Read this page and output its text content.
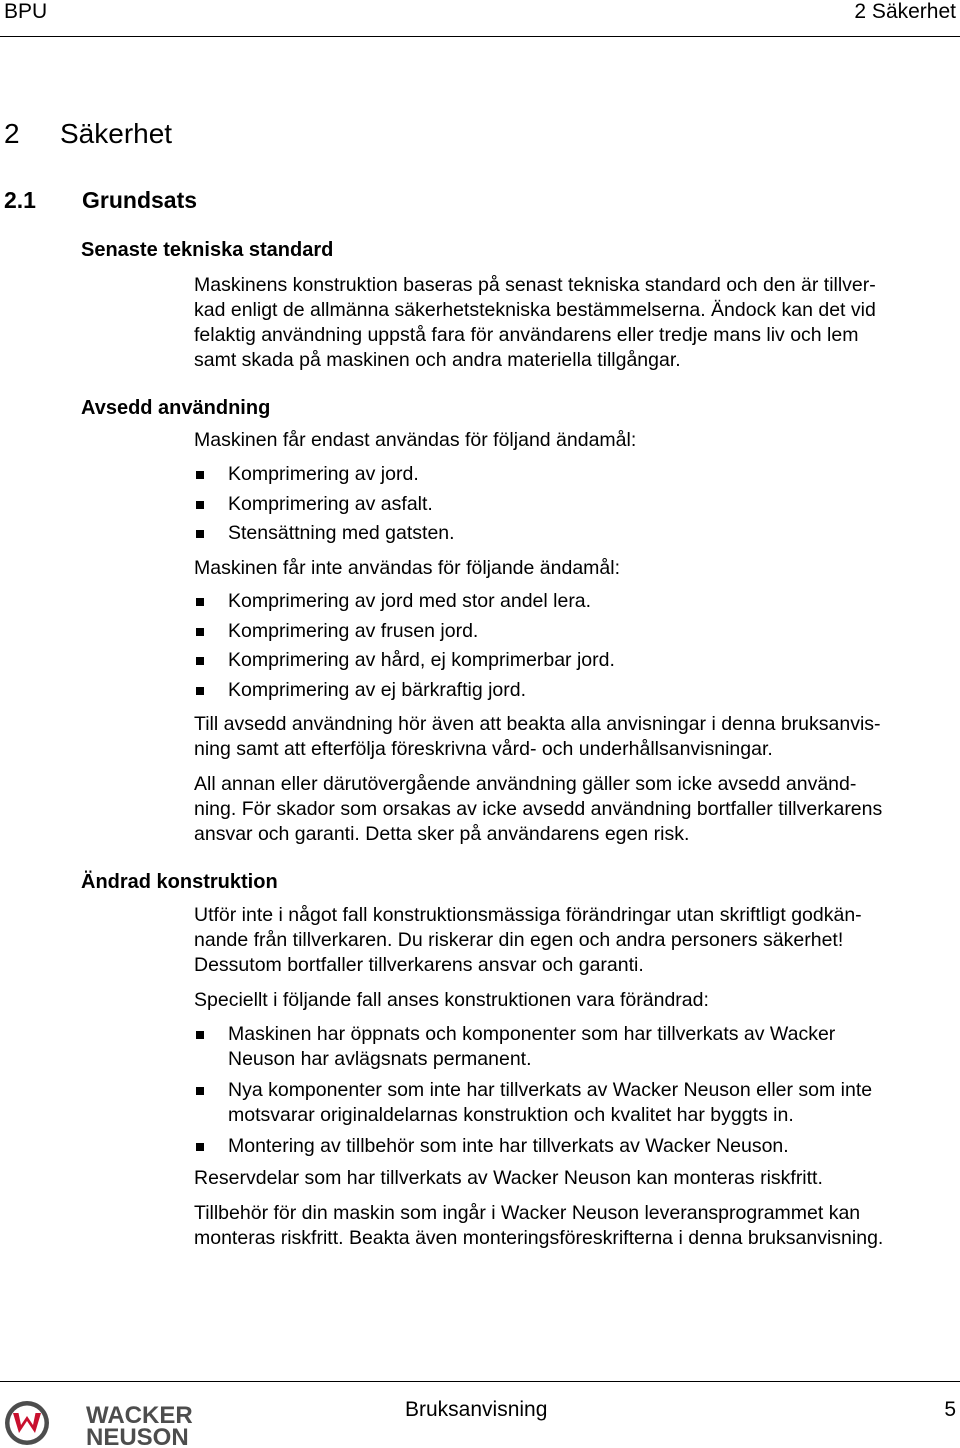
BPU	2 Säkerhet
2 Säkerhet
2.1 Grundsats
Senaste tekniska standard
Maskinens konstruktion baseras på senast tekniska standard och den är tillver-
kad enligt de allmänna säkerhetstekniska bestämmelserna. Ändock kan det vid
felaktig användning uppstå fara för användarens eller tredje mans liv och lem
samt skada på maskinen och andra materiella tillgångar.
Avsedd användning
Maskinen får endast användas för följand ändamål:
Komprimering av jord.
Komprimering av asfalt.
Stensättning med gatsten.
Maskinen får inte användas för följande ändamål:
Komprimering av jord med stor andel lera.
Komprimering av frusen jord.
Komprimering av hård, ej komprimerbar jord.
Komprimering av ej bärkraftig jord.
Till avsedd användning hör även att beakta alla anvisningar i denna bruksanvis-
ning samt att efterfölja föreskrivna vård- och underhållsanvisningar.
All annan eller därutövergående användning gäller som icke avsedd använd-
ning. För skador som orsakas av icke avsedd användning bortfaller tillverkarens
ansvar och garanti. Detta sker på användarens egen risk.
Ändrad konstruktion
Utför inte i något fall konstruktionsmässiga förändringar utan skriftligt godkän-
nande från tillverkaren. Du riskerar din egen och andra personers säkerhet!
Dessutom bortfaller tillverkarens ansvar och garanti.
Speciellt i följande fall anses konstruktionen vara förändrad:
Maskinen har öppnats och komponenter som har tillverkats av Wacker
Neuson har avlägsnats permanent.
Nya komponenter som inte har tillverkats av Wacker Neuson eller som inte
motsvarar originaldelarnas konstruktion och kvalitet har byggts in.
Montering av tillbehör som inte har tillverkats av Wacker Neuson.
Reservdelar som har tillverkats av Wacker Neuson kan monteras riskfritt.
Tillbehör för din maskin som ingår i Wacker Neuson leveransprogrammet kan
monteras riskfritt. Beakta även monteringsföreskrifterna i denna bruksanvisning.
WACKER
NEUSON
Bruksanvisning	5
